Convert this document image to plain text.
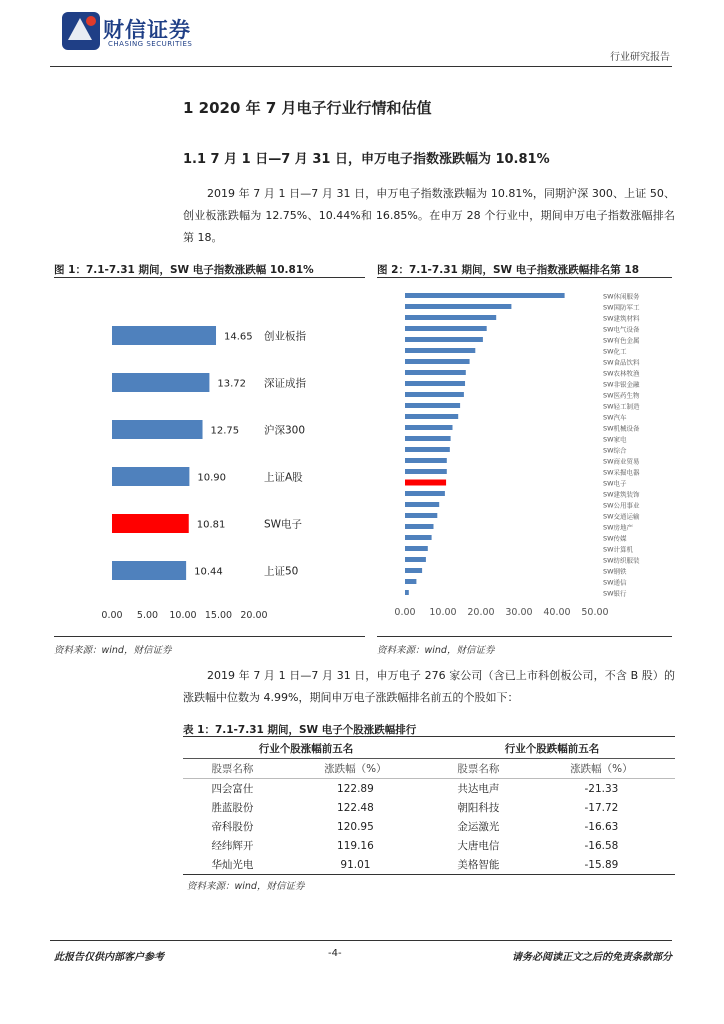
财信证券
CHASING SECURITIES
行业研究报告
1 2020 年 7 月电子行业行情和估值
1.1 7 月 1 日—7 月 31 日，申万电子指数涨跌幅为 10.81%
2019 年 7 月 1 日—7 月 31 日，申万电子指数涨跌幅为 10.81%，同期沪深 300、上证 50、创业板涨跌幅为 12.75%、10.44%和 16.85%。在申万 28 个行业中，期间申万电子指数涨幅排名第 18。
图 1：7.1-7.31 期间，SW 电子指数涨跌幅 10.81%	图 2：7.1-7.31 期间，SW 电子指数涨跌幅排名第 18
14.65 创业板指
13.72 深证成指
12.75 沪深300
10.90	上证A股
10.81	SW电子
10.44	上证50
0.00 5.00 10.00 15.00 20.00
SW休闲服务
SW国防军工
SW建筑材料
SW电气设备
SW有色金属
SW化工
SW食品饮料
SW农林牧渔
SW非银金融
SW医药生物
SW轻工制造
SW汽车
SW机械设备
SW家电
SW综合
SW商业贸易
SW采掘电器
SW电子
SW建筑装饰
SW公用事业
SW交通运输
SW房地产
SW传媒
SW计算机
SW纺织服装
SW钢铁
SW通信
SW银行
0.00 10.00 20.00 30.00 40.00 50.00
资料来源：wind，财信证券	资料来源：wind，财信证券
2019 年 7 月 1 日—7 月 31 日，申万电子 276 家公司（含已上市科创板公司，不含 B 股）的涨跌幅中位数为 4.99%，期间申万电子涨跌幅排名前五的个股如下：
表 1：7.1-7.31 期间，SW 电子个股涨跌幅排行
行业个股涨幅前五名		行业个股跌幅前五名	
股票名称	涨跌幅（%）	股票名称	涨跌幅（%）
四会富仕	122.89	共达电声	-21.33
胜蓝股份	122.48	朝阳科技	-17.72
帝科股份	120.95	金运激光	-16.63
经纬辉开	119.16	大唐电信	-16.58
华灿光电	91.01	美格智能	-15.89
资料来源：wind，财信证券
此报告仅供内部客户参考	-4-	请务必阅读正文之后的免责条款部分
